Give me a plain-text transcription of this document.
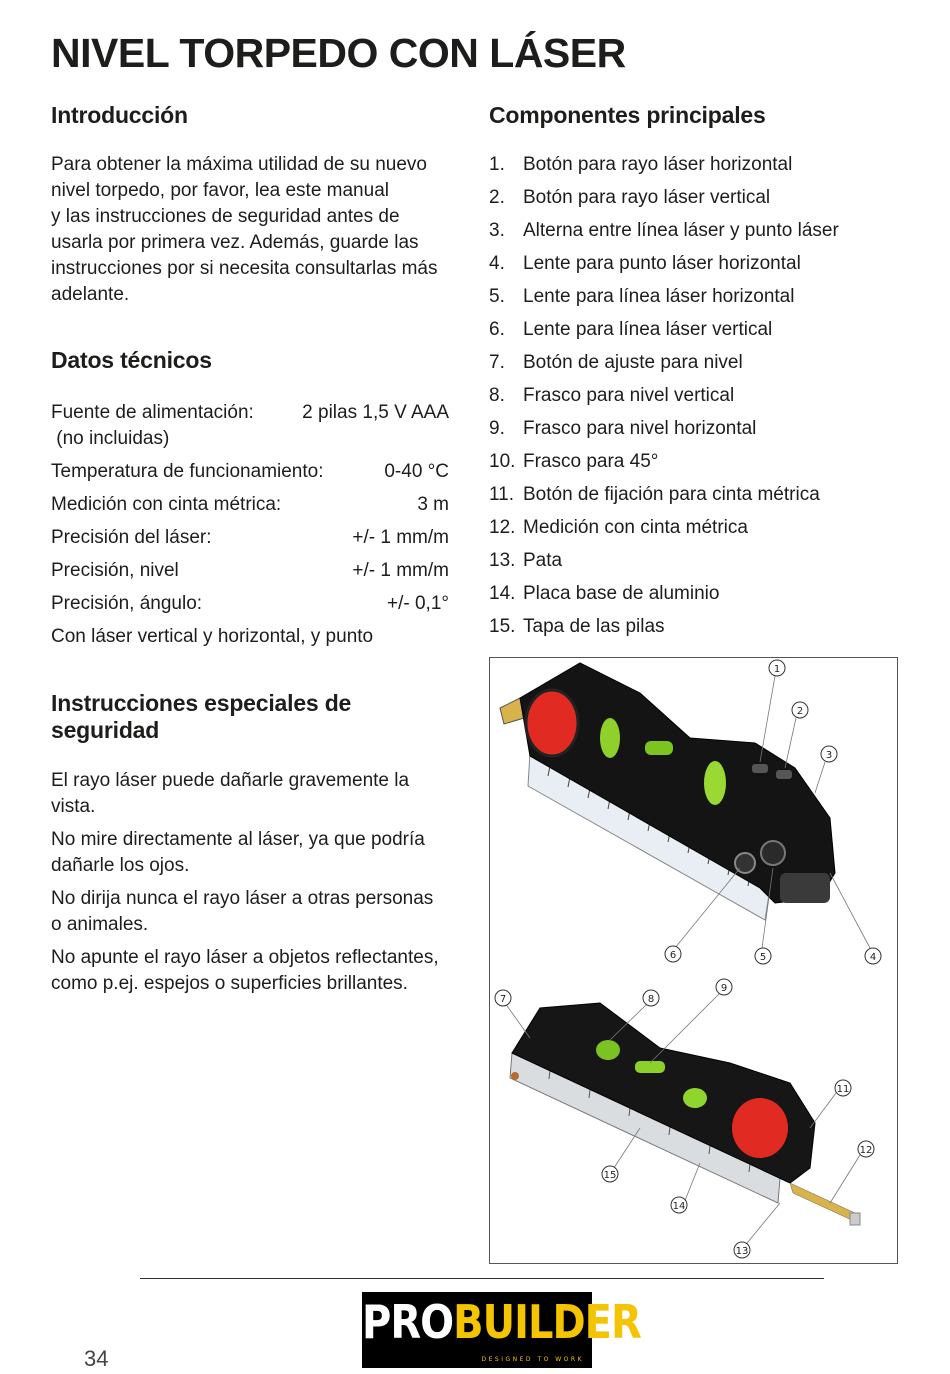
NIVEL TORPEDO CON LÁSER
Introducción
Para obtener la máxima utilidad de su nuevo
nivel torpedo, por favor, lea este manual
y las instrucciones de seguridad antes de
usarla por primera vez. Además, guarde las
instrucciones por si necesita consultarlas más
adelante.
Datos técnicos
Fuente de alimentación:	2 pilas 1,5 V AAA
(no incluidas)
Temperatura de funcionamiento:	0-40 °C
Medición con cinta métrica:	3 m
Precisión del láser:	+/- 1 mm/m
Precisión, nivel	+/- 1 mm/m
Precisión, ángulo:	+/- 0,1°
Con láser vertical y horizontal, y punto
Instrucciones especiales de seguridad
El rayo láser puede dañarle gravemente la
vista.
No mire directamente al láser, ya que podría
dañarle los ojos.
No dirija nunca el rayo láser a otras personas
o animales.
No apunte el rayo láser a objetos reflectantes,
como p.ej. espejos o superficies brillantes.
Componentes principales
1. Botón para rayo láser horizontal
2. Botón para rayo láser vertical
3. Alterna entre línea láser y punto láser
4. Lente para punto láser horizontal
5. Lente para línea láser horizontal
6. Lente para línea láser vertical
7. Botón de ajuste para nivel
8. Frasco para nivel vertical
9. Frasco para nivel horizontal
10. Frasco para 45°
11. Botón de fijación para cinta métrica
12. Medición con cinta métrica
13. Pata
14. Placa base de aluminio
15. Tapa de las pilas
1
2
3
4
5
6
7	8
9
11
12
13
14
15
PROBUILDER
DESIGNED TO WORK
34
